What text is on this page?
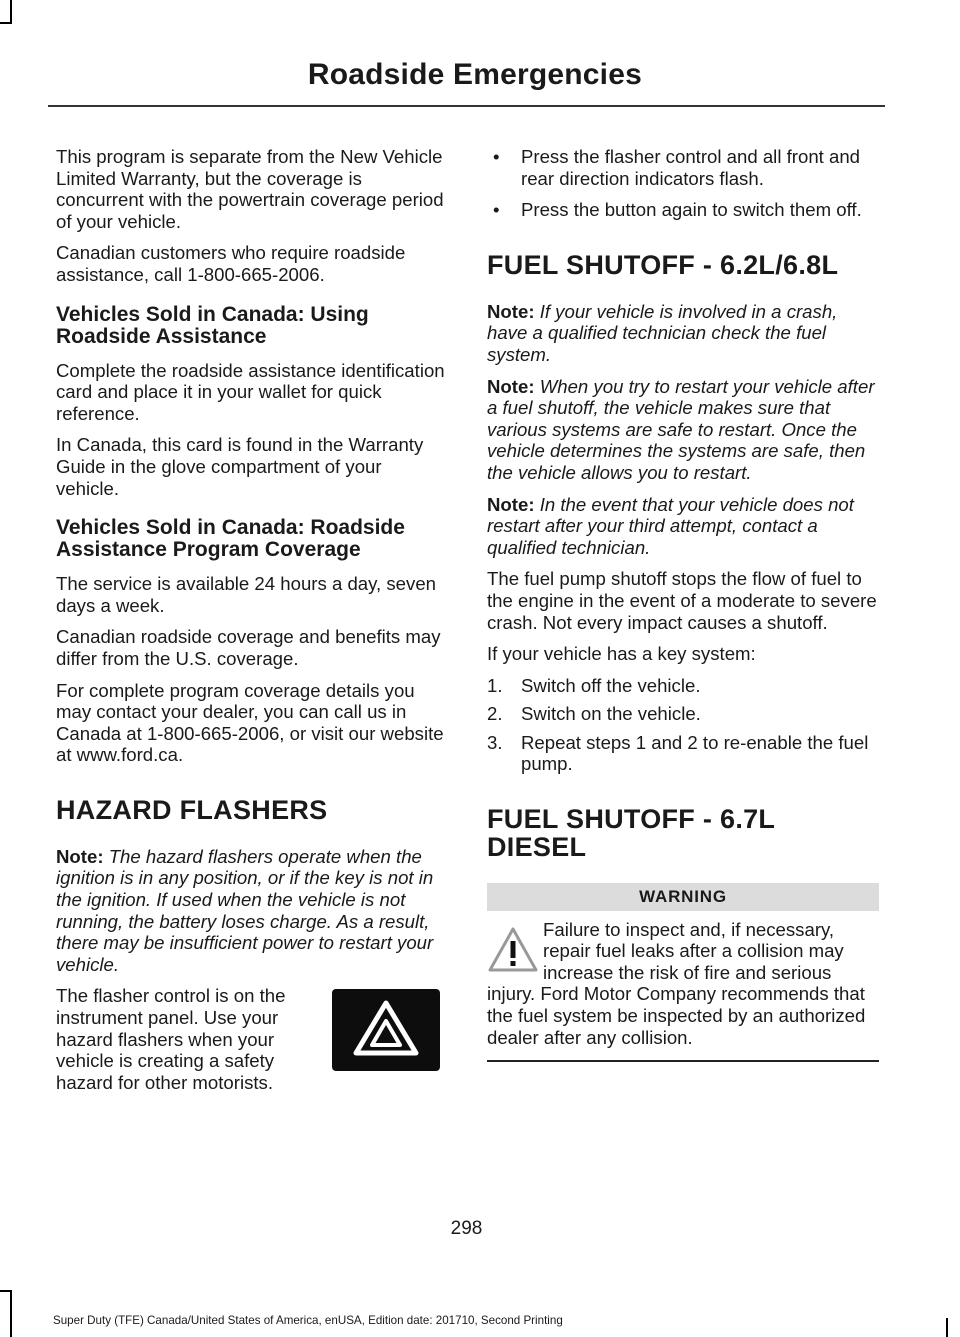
Roadside Emergencies

This program is separate from the New Vehicle Limited Warranty, but the coverage is concurrent with the powertrain coverage period of your vehicle.

Canadian customers who require roadside assistance, call 1-800-665-2006.

Vehicles Sold in Canada: Using Roadside Assistance

Complete the roadside assistance identification card and place it in your wallet for quick reference.

In Canada, this card is found in the Warranty Guide in the glove compartment of your vehicle.

Vehicles Sold in Canada: Roadside Assistance Program Coverage

The service is available 24 hours a day, seven days a week.

Canadian roadside coverage and benefits may differ from the U.S. coverage.

For complete program coverage details you may contact your dealer, you can call us in Canada at 1-800-665-2006, or visit our website at www.ford.ca.

HAZARD FLASHERS

Note: The hazard flashers operate when the ignition is in any position, or if the key is not in the ignition. If used when the vehicle is not running, the battery loses charge. As a result, there may be insufficient power to restart your vehicle.

The flasher control is on the instrument panel. Use your hazard flashers when your vehicle is creating a safety hazard for other motorists.

• Press the flasher control and all front and rear direction indicators flash.
• Press the button again to switch them off.
FUEL SHUTOFF - 6.2L/6.8L

Note: If your vehicle is involved in a crash, have a qualified technician check the fuel system.

Note: When you try to restart your vehicle after a fuel shutoff, the vehicle makes sure that various systems are safe to restart. Once the vehicle determines the systems are safe, then the vehicle allows you to restart.

Note: In the event that your vehicle does not restart after your third attempt, contact a qualified technician.

The fuel pump shutoff stops the flow of fuel to the engine in the event of a moderate to severe crash. Not every impact causes a shutoff.

If your vehicle has a key system:

1. Switch off the vehicle.
2. Switch on the vehicle.
3. Repeat steps 1 and 2 to re-enable the fuel pump.
FUEL SHUTOFF - 6.7L DIESEL
WARNING

Failure to inspect and, if necessary, repair fuel leaks after a collision may increase the risk of fire and serious injury. Ford Motor Company recommends that the fuel system be inspected by an authorized dealer after any collision.

298
Super Duty (TFE) Canada/United States of America, enUSA, Edition date: 201710, Second Printing
